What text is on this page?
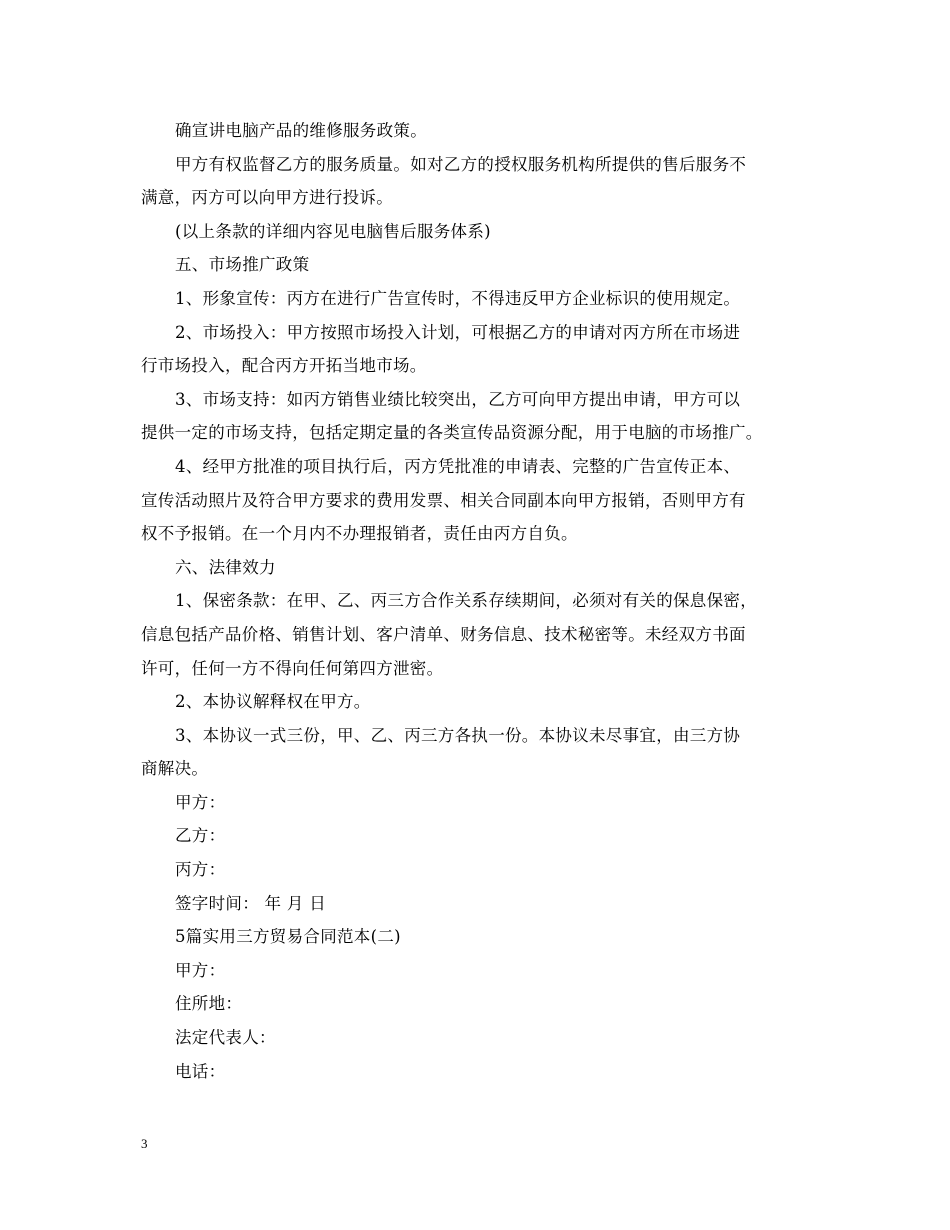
确宣讲电脑产品的维修服务政策。
甲方有权监督乙方的服务质量。如对乙方的授权服务机构所提供的售后服务不
满意，丙方可以向甲方进行投诉。
(以上条款的详细内容见电脑售后服务体系)
五、市场推广政策
1、形象宣传：丙方在进行广告宣传时，不得违反甲方企业标识的使用规定。
2、市场投入：甲方按照市场投入计划，可根据乙方的申请对丙方所在市场进
行市场投入，配合丙方开拓当地市场。
3、市场支持：如丙方销售业绩比较突出，乙方可向甲方提出申请，甲方可以
提供一定的市场支持，包括定期定量的各类宣传品资源分配，用于电脑的市场推广。
4、经甲方批准的项目执行后，丙方凭批准的申请表、完整的广告宣传正本、
宣传活动照片及符合甲方要求的费用发票、相关合同副本向甲方报销，否则甲方有
权不予报销。在一个月内不办理报销者，责任由丙方自负。
六、法律效力
1、保密条款：在甲、乙、丙三方合作关系存续期间，必须对有关的保息保密，
信息包括产品价格、销售计划、客户清单、财务信息、技术秘密等。未经双方书面
许可，任何一方不得向任何第四方泄密。
2、本协议解释权在甲方。
3、本协议一式三份，甲、乙、丙三方各执一份。本协议未尽事宜，由三方协
商解决。
甲方：
乙方：
丙方：
签字时间： 年 月 日
5篇实用三方贸易合同范本(二)
甲方：
住所地：
法定代表人：
电话：
3
